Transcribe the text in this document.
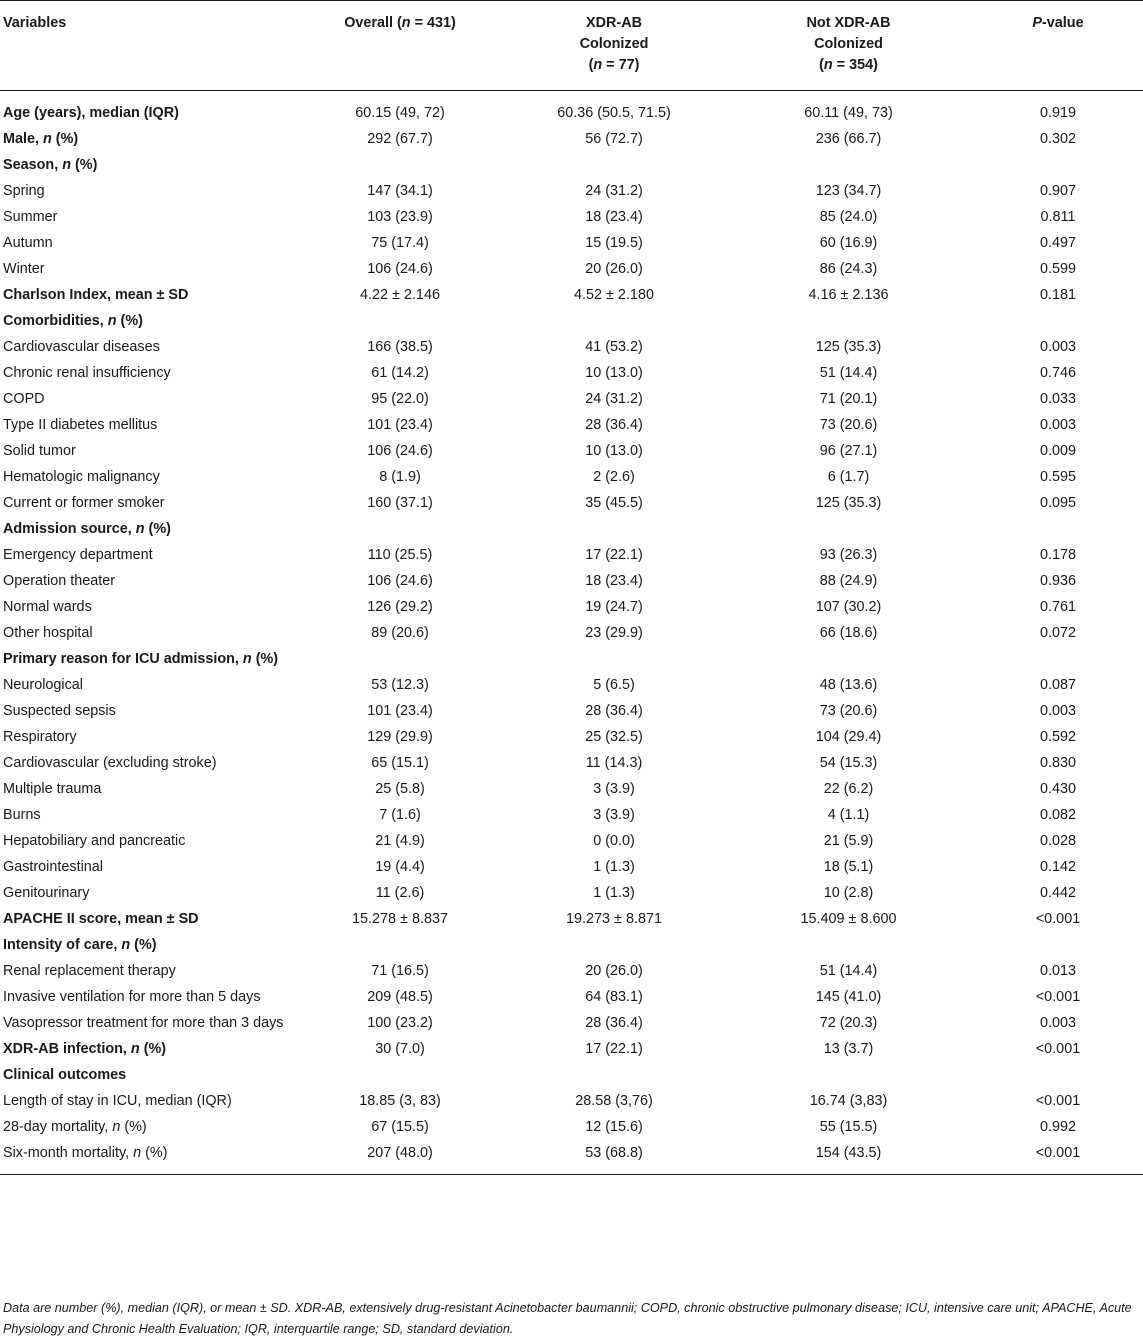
Variables	Overall (n = 431)	XDR-AB
Colonized
(n = 77)	Not XDR-AB
Colonized
(n = 354)	P-value
Age (years), median (IQR)	60.15 (49, 72)	60.36 (50.5, 71.5)	60.11 (49, 73)	0.919
Male, n (%)	292 (67.7)	56 (72.7)	236 (66.7)	0.302
Season, n (%)				
Spring	147 (34.1)	24 (31.2)	123 (34.7)	0.907
Summer	103 (23.9)	18 (23.4)	85 (24.0)	0.811
Autumn	75 (17.4)	15 (19.5)	60 (16.9)	0.497
Winter	106 (24.6)	20 (26.0)	86 (24.3)	0.599
Charlson Index, mean ± SD	4.22 ± 2.146	4.52 ± 2.180	4.16 ± 2.136	0.181
Comorbidities, n (%)				
Cardiovascular diseases	166 (38.5)	41 (53.2)	125 (35.3)	0.003
Chronic renal insufficiency	61 (14.2)	10 (13.0)	51 (14.4)	0.746
COPD	95 (22.0)	24 (31.2)	71 (20.1)	0.033
Type II diabetes mellitus	101 (23.4)	28 (36.4)	73 (20.6)	0.003
Solid tumor	106 (24.6)	10 (13.0)	96 (27.1)	0.009
Hematologic malignancy	8 (1.9)	2 (2.6)	6 (1.7)	0.595
Current or former smoker	160 (37.1)	35 (45.5)	125 (35.3)	0.095
Admission source, n (%)				
Emergency department	110 (25.5)	17 (22.1)	93 (26.3)	0.178
Operation theater	106 (24.6)	18 (23.4)	88 (24.9)	0.936
Normal wards	126 (29.2)	19 (24.7)	107 (30.2)	0.761
Other hospital	89 (20.6)	23 (29.9)	66 (18.6)	0.072
Primary reason for ICU admission, n (%)				
Neurological	53 (12.3)	5 (6.5)	48 (13.6)	0.087
Suspected sepsis	101 (23.4)	28 (36.4)	73 (20.6)	0.003
Respiratory	129 (29.9)	25 (32.5)	104 (29.4)	0.592
Cardiovascular (excluding stroke)	65 (15.1)	11 (14.3)	54 (15.3)	0.830
Multiple trauma	25 (5.8)	3 (3.9)	22 (6.2)	0.430
Burns	7 (1.6)	3 (3.9)	4 (1.1)	0.082
Hepatobiliary and pancreatic	21 (4.9)	0 (0.0)	21 (5.9)	0.028
Gastrointestinal	19 (4.4)	1 (1.3)	18 (5.1)	0.142
Genitourinary	11 (2.6)	1 (1.3)	10 (2.8)	0.442
APACHE II score, mean ± SD	15.278 ± 8.837	19.273 ± 8.871	15.409 ± 8.600	<0.001
Intensity of care, n (%)				
Renal replacement therapy	71 (16.5)	20 (26.0)	51 (14.4)	0.013
Invasive ventilation for more than 5 days	209 (48.5)	64 (83.1)	145 (41.0)	<0.001
Vasopressor treatment for more than 3 days	100 (23.2)	28 (36.4)	72 (20.3)	0.003
XDR-AB infection, n (%)	30 (7.0)	17 (22.1)	13 (3.7)	<0.001
Clinical outcomes				
Length of stay in ICU, median (IQR)	18.85 (3, 83)	28.58 (3,76)	16.74 (3,83)	<0.001
28-day mortality, n (%)	67 (15.5)	12 (15.6)	55 (15.5)	0.992
Six-month mortality, n (%)	207 (48.0)	53 (68.8)	154 (43.5)	<0.001
Data are number (%), median (IQR), or mean ± SD. XDR-AB, extensively drug-resistant Acinetobacter baumannii; COPD, chronic obstructive pulmonary disease; ICU, intensive care unit; APACHE, Acute Physiology and Chronic Health Evaluation; IQR, interquartile range; SD, standard deviation.
